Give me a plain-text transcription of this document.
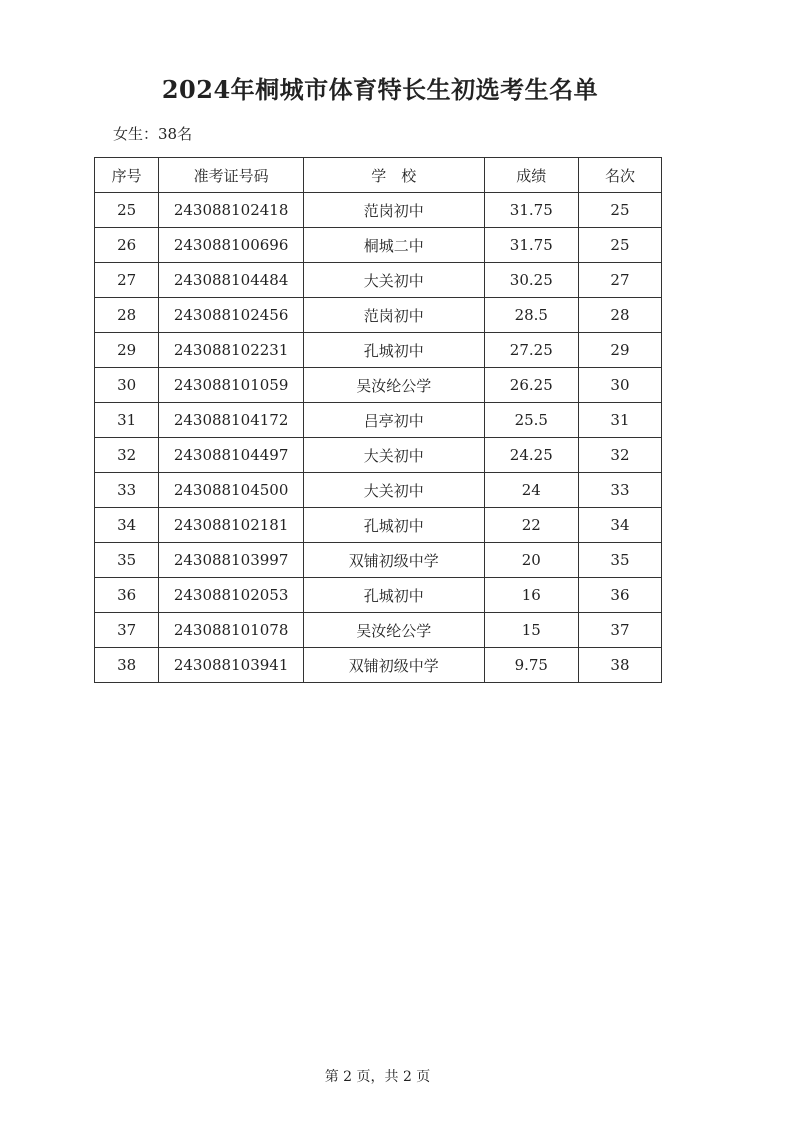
2024年桐城市体育特长生初选考生名单
女生：38名
序号	准考证号码	学　校	成绩	名次
25	243088102418	范岗初中	31.75	25
26	243088100696	桐城二中	31.75	25
27	243088104484	大关初中	30.25	27
28	243088102456	范岗初中	28.5	28
29	243088102231	孔城初中	27.25	29
30	243088101059	吴汝纶公学	26.25	30
31	243088104172	吕亭初中	25.5	31
32	243088104497	大关初中	24.25	32
33	243088104500	大关初中	24	33
34	243088102181	孔城初中	22	34
35	243088103997	双铺初级中学	20	35
36	243088102053	孔城初中	16	36
37	243088101078	吴汝纶公学	15	37
38	243088103941	双铺初级中学	9.75	38
第 2 页，共 2 页
